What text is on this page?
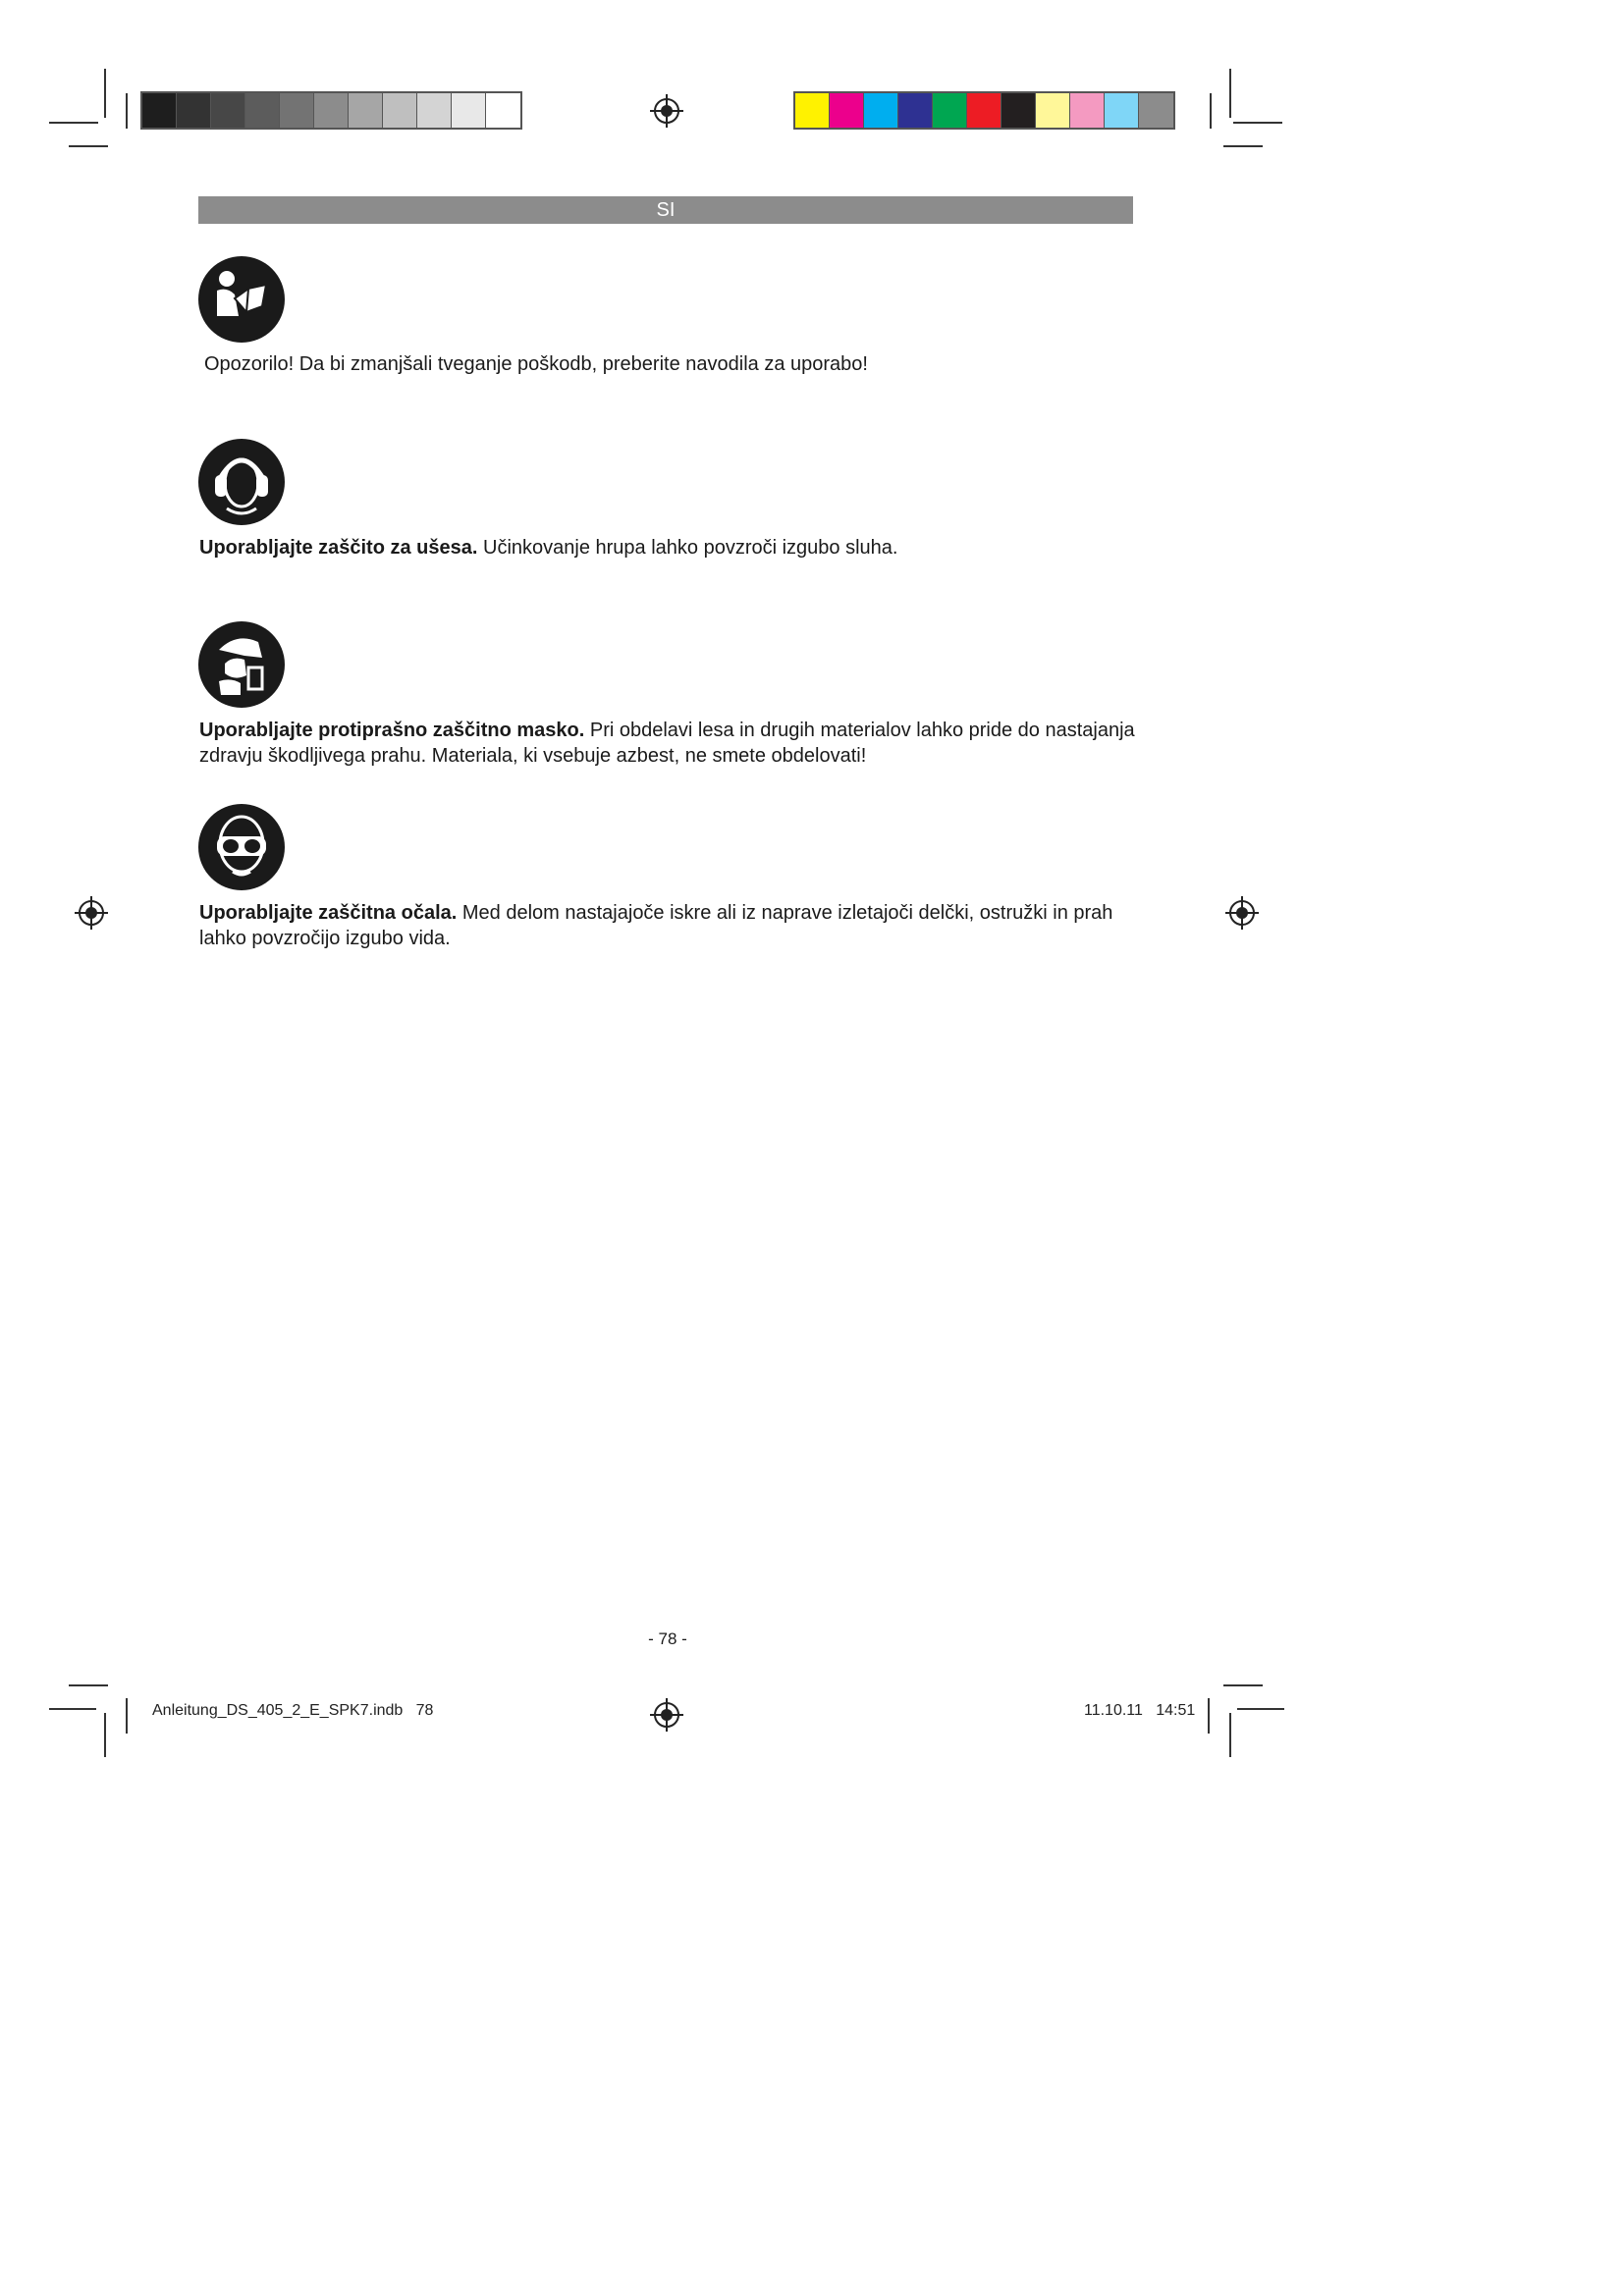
SI
Opozorilo! Da bi zmanjšali tveganje poškodb, preberite navodila za uporabo!
Uporabljajte zaščito za ušesa. Učinkovanje hrupa lahko povzroči izgubo sluha.
Uporabljajte protiprašno zaščitno masko. Pri obdelavi lesa in drugih materialov lahko pride do nastajanja zdravju škodljivega prahu. Materiala, ki vsebuje azbest, ne smete obdelovati!
Uporabljajte zaščitna očala. Med delom nastajajoče iskre ali iz naprave izletajoči delčki, ostružki in prah lahko povzročijo izgubo vida.
- 78 -
Anleitung_DS_405_2_E_SPK7.indb   78	11.10.11   14:51
